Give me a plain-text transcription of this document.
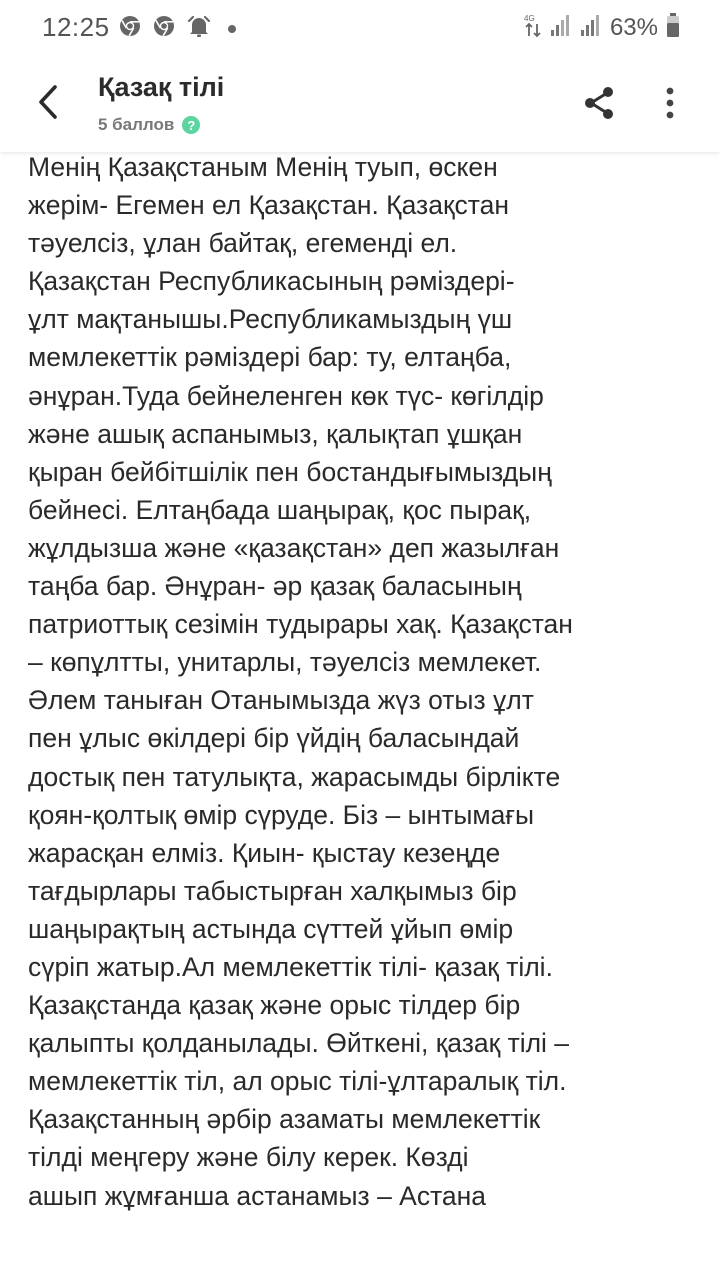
12:25	4G	63%
Қазақ тілі
5 баллов	?
Менің Қазақстаным Менің туып, өскен
жерім- Егемен ел Қазақстан. Қазақстан
тәуелсіз, ұлан байтақ, егеменді ел.
Қазақстан Республикасының рәміздері-
ұлт мақтанышы.Республикамыздың үш
мемлекеттік рәміздері бар: ту, елтаңба,
әнұран.Туда бейнеленген көк түс- көгілдір
және ашық аспанымыз, қалықтап ұшқан
қыран бейбітшілік пен бостандығымыздың
бейнесі. Елтаңбада шаңырақ, қос пырақ,
жұлдызша және «қазақстан» деп жазылған
таңба бар. Әнұран- әр қазақ баласының
патриоттық сезімін тудырары хақ. Қазақстан
– көпұлтты, унитарлы, тәуелсіз мемлекет.
Әлем таныған Отанымызда жүз отыз ұлт
пен ұлыс өкілдері бір үйдің баласындай
достық пен татулықта, жарасымды бірлікте
қоян-қолтық өмір сүруде. Біз – ынтымағы
жарасқан елміз. Қиын- қыстау кезеңде
тағдырлары табыстырған халқымыз бір
шаңырақтың астында сүттей ұйып өмір
сүріп жатыр.Ал мемлекеттік тілі- қазақ тілі.
Қазақстанда қазақ және орыс тілдер бір
қалыпты қолданылады. Өйткені, қазақ тілі –
мемлекеттік тіл, ал орыс тілі-ұлтаралық тіл.
Қазақстанның әрбір азаматы мемлекеттік
тілді меңгеру және білу керек. Көзді
ашып жұмғанша астанамыз – Астана
